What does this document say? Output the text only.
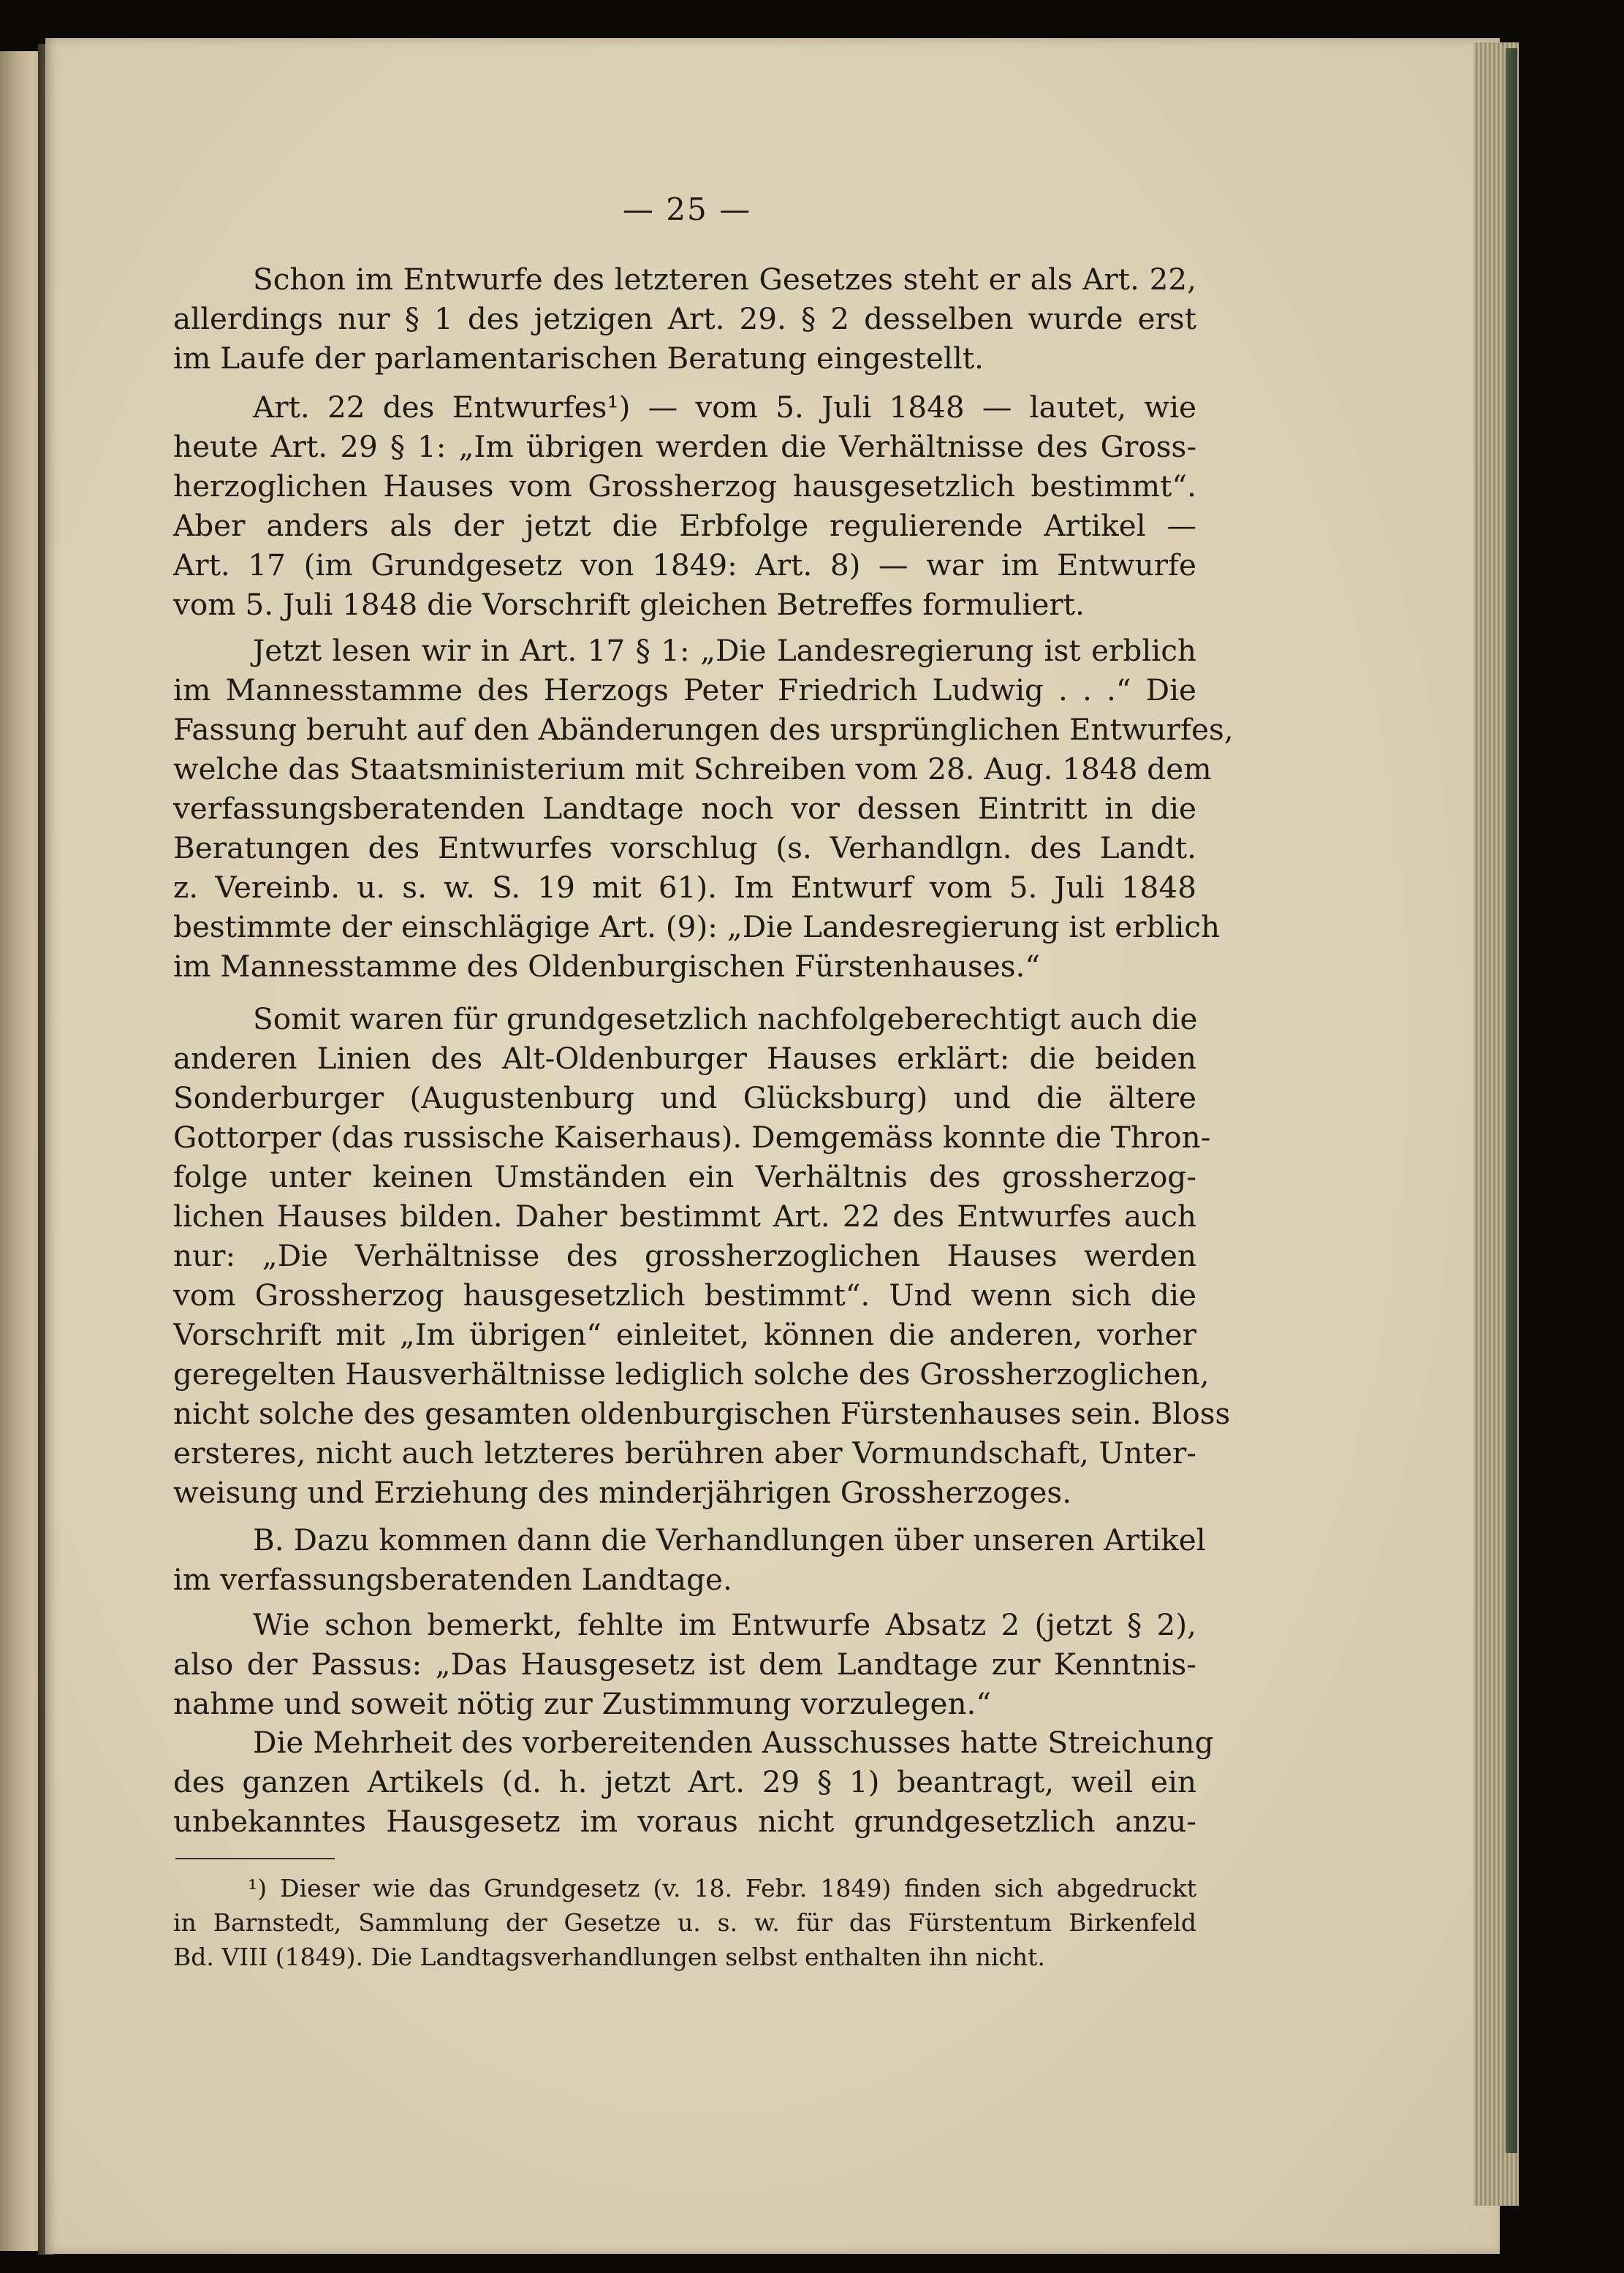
— 25 —
Schon im Entwurfe des letzteren Gesetzes steht er als Art. 22,
allerdings nur § 1 des jetzigen Art. 29. § 2 desselben wurde erst
im Laufe der parlamentarischen Beratung eingestellt.
Art. 22 des Entwurfes¹) — vom 5. Juli 1848 — lautet, wie
heute Art. 29 § 1: „Im übrigen werden die Verhältnisse des Gross-
herzoglichen Hauses vom Grossherzog hausgesetzlich bestimmt“.
Aber anders als der jetzt die Erbfolge regulierende Artikel —
Art. 17 (im Grundgesetz von 1849: Art. 8) — war im Entwurfe
vom 5. Juli 1848 die Vorschrift gleichen Betreffes formuliert.
Jetzt lesen wir in Art. 17 § 1: „Die Landesregierung ist erblich
im Mannesstamme des Herzogs Peter Friedrich Ludwig . . .“ Die
Fassung beruht auf den Abänderungen des ursprünglichen Entwurfes,
welche das Staatsministerium mit Schreiben vom 28. Aug. 1848 dem
verfassungsberatenden Landtage noch vor dessen Eintritt in die
Beratungen des Entwurfes vorschlug (s. Verhandlgn. des Landt.
z. Vereinb. u. s. w. S. 19 mit 61). Im Entwurf vom 5. Juli 1848
bestimmte der einschlägige Art. (9): „Die Landesregierung ist erblich
im Mannesstamme des Oldenburgischen Fürstenhauses.“
Somit waren für grundgesetzlich nachfolgeberechtigt auch die
anderen Linien des Alt-Oldenburger Hauses erklärt: die beiden
Sonderburger (Augustenburg und Glücksburg) und die ältere
Gottorper (das russische Kaiserhaus). Demgemäss konnte die Thron-
folge unter keinen Umständen ein Verhältnis des grossherzog-
lichen Hauses bilden. Daher bestimmt Art. 22 des Entwurfes auch
nur: „Die Verhältnisse des grossherzoglichen Hauses werden
vom Grossherzog hausgesetzlich bestimmt“. Und wenn sich die
Vorschrift mit „Im übrigen“ einleitet, können die anderen, vorher
geregelten Hausverhältnisse lediglich solche des Grossherzoglichen,
nicht solche des gesamten oldenburgischen Fürstenhauses sein. Bloss
ersteres, nicht auch letzteres berühren aber Vormundschaft, Unter-
weisung und Erziehung des minderjährigen Grossherzoges.
B. Dazu kommen dann die Verhandlungen über unseren Artikel
im verfassungsberatenden Landtage.
Wie schon bemerkt, fehlte im Entwurfe Absatz 2 (jetzt § 2),
also der Passus: „Das Hausgesetz ist dem Landtage zur Kenntnis-
nahme und soweit nötig zur Zustimmung vorzulegen.“
Die Mehrheit des vorbereitenden Ausschusses hatte Streichung
des ganzen Artikels (d. h. jetzt Art. 29 § 1) beantragt, weil ein
unbekanntes Hausgesetz im voraus nicht grundgesetzlich anzu-
¹) Dieser wie das Grundgesetz (v. 18. Febr. 1849) finden sich abgedruckt
in Barnstedt, Sammlung der Gesetze u. s. w. für das Fürstentum Birkenfeld
Bd. VIII (1849). Die Landtagsverhandlungen selbst enthalten ihn nicht.
